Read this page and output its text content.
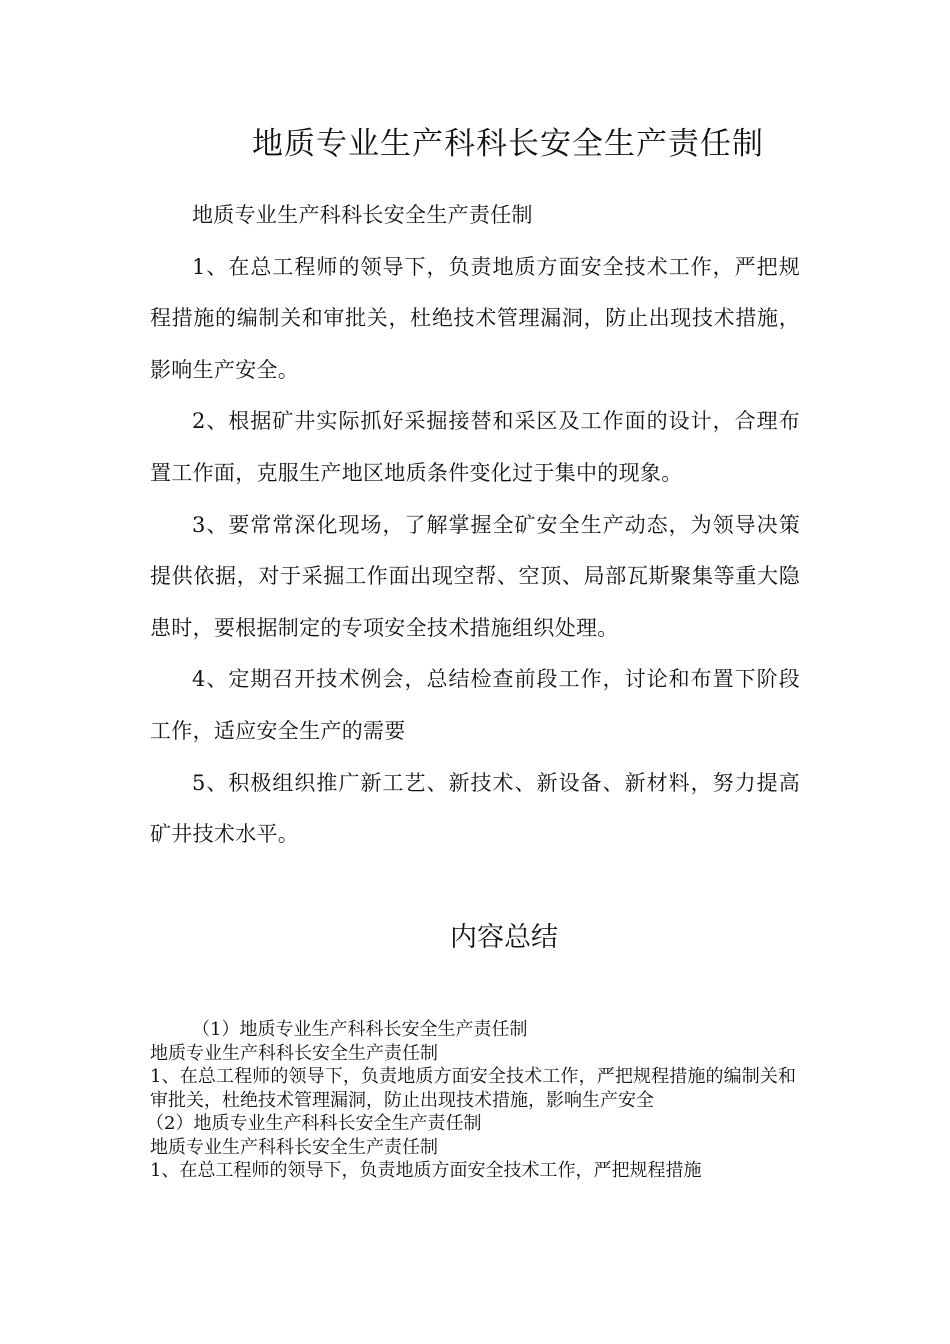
地质专业生产科科长安全生产责任制

地质专业生产科科长安全生产责任制

1、在总工程师的领导下，负责地质方面安全技术工作，严把规程措施的编制关和审批关，杜绝技术管理漏洞，防止出现技术措施，影响生产安全。

2、根据矿井实际抓好采掘接替和采区及工作面的设计，合理布置工作面，克服生产地区地质条件变化过于集中的现象。

3、要常常深化现场，了解掌握全矿安全生产动态，为领导决策提供依据，对于采掘工作面出现空帮、空顶、局部瓦斯聚集等重大隐患时，要根据制定的专项安全技术措施组织处理。

4、定期召开技术例会，总结检查前段工作，讨论和布置下阶段工作，适应安全生产的需要

5、积极组织推广新工艺、新技术、新设备、新材料，努力提高矿井技术水平。

内容总结

（1）地质专业生产科科长安全生产责任制

地质专业生产科科长安全生产责任制

1、在总工程师的领导下，负责地质方面安全技术工作，严把规程措施的编制关和审批关，杜绝技术管理漏洞，防止出现技术措施，影响生产安全

（2）地质专业生产科科长安全生产责任制

地质专业生产科科长安全生产责任制

1、在总工程师的领导下，负责地质方面安全技术工作，严把规程措施
